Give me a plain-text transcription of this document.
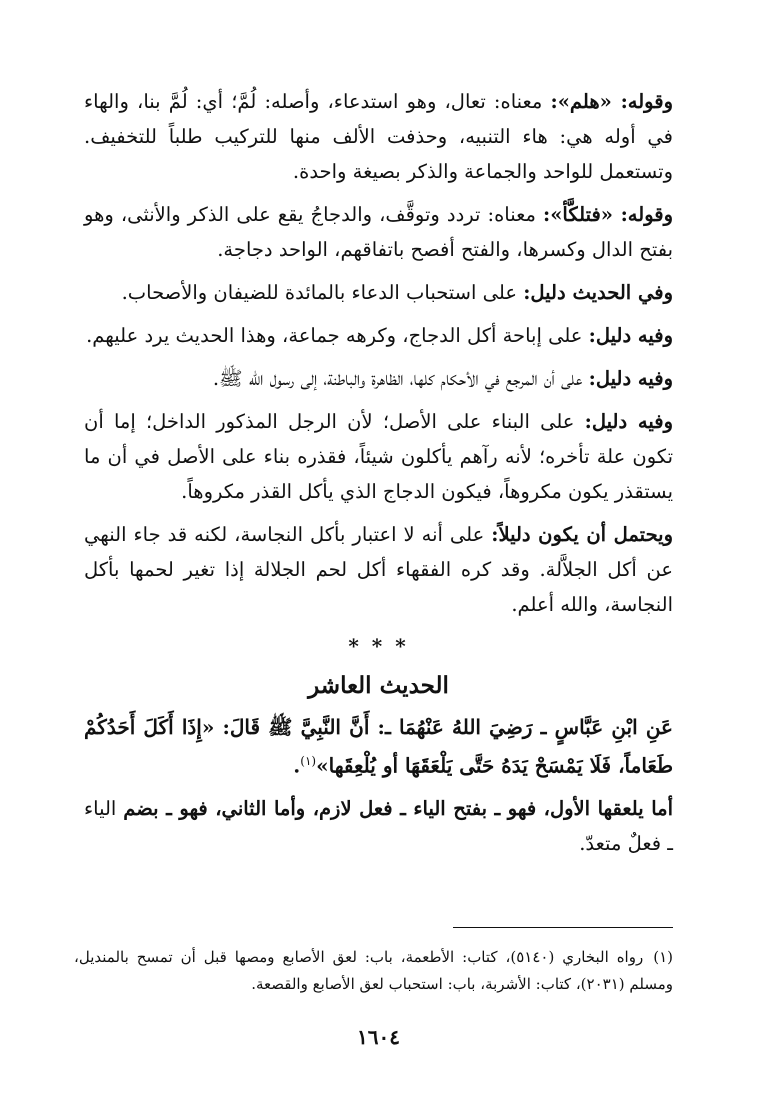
وقوله: «هلم»: معناه: تعال، وهو استدعاء، وأصله: لُمَّ؛ أي: لُمَّ بنا، والهاء في أوله هي: هاء التنبيه، وحذفت الألف منها للتركيب طلباً للتخفيف. وتستعمل للواحد والجماعة والذكر بصيغة واحدة.

وقوله: «فتلكَّأ»: معناه: تردد وتوقَّف، والدجاجُ يقع على الذكر والأنثى، وهو بفتح الدال وكسرها، والفتح أفصح باتفاقهم، الواحد دجاجة.

وفي الحديث دليل: على استحباب الدعاء بالمائدة للضيفان والأصحاب.

وفيه دليل: على إباحة أكل الدجاج، وكرهه جماعة، وهذا الحديث يرد عليهم.

وفيه دليل: على أن المرجع في الأحكام كلها، الظاهرة والباطنة، إلى رسول الله ﷺ.

وفيه دليل: على البناء على الأصل؛ لأن الرجل المذكور الداخل؛ إما أن تكون علة تأخره؛ لأنه رآهم يأكلون شيئاً، فقذره بناء على الأصل في أن ما يستقذر يكون مكروهاً، فيكون الدجاج الذي يأكل القذر مكروهاً.

ويحتمل أن يكون دليلاً: على أنه لا اعتبار بأكل النجاسة، لكنه قد جاء النهي عن أكل الجلاَّلة. وقد كره الفقهاء أكل لحم الجلالة إذا تغير لحمها بأكل النجاسة، والله أعلم.

* * *
الحديث العاشر

عَنِ ابْنِ عَبَّاسٍ ـ رَضِيَ اللهُ عَنْهُمَا ـ: أَنَّ النَّبِيَّ ﷺ قَالَ: «إِذَا أَكَلَ أَحَدُكُمْ طَعَاماً، فَلَا يَمْسَحْ يَدَهُ حَتَّى يَلْعَقَهَا أو يُلْعِقَها»$^{(١)}$.

أما يلعقها الأول، فهو ـ بفتح الياء ـ فعل لازم، وأما الثاني، فهو ـ بضم الياء ـ فعلٌ متعدّ.

(١)رواه البخاري (٥١٤٠)، كتاب: الأطعمة، باب: لعق الأصابع ومصها قبل أن تمسح بالمنديل، ومسلم (٢٠٣١)، كتاب: الأشربة، باب: استحباب لعق الأصابع والقصعة.
١٦٠٤
